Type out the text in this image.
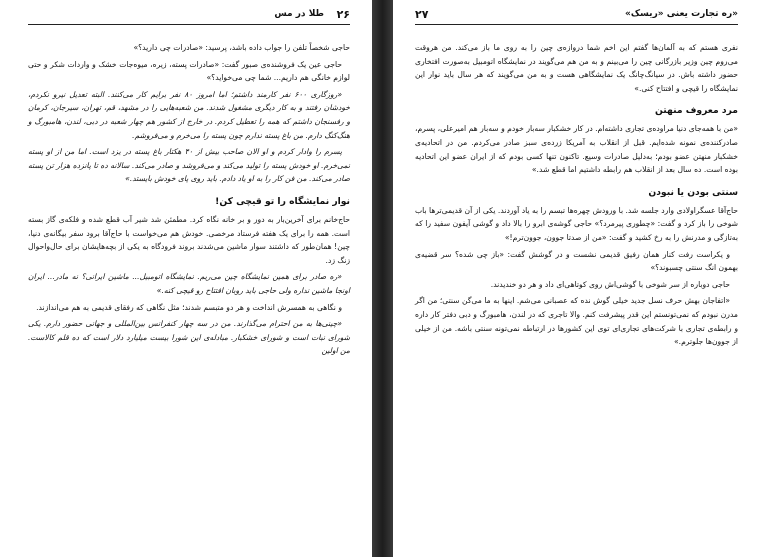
۲۶
طلا در مس

حاجی شخصاً تلفن را جواب داده باشد، پرسید: «صادرات چی دارید؟»

حاجی عین یک فروشنده‌ی صبور گفت: «صادرات پسته، زیره، میوه‌جات خشک و واردات شکر و حتی لوازم خانگی هم داریم... شما چی می‌خواید؟»

«روزگاری ۶۰۰ نفر کارمند داشتم؛ اما امروز ۸۰ نفر برایم کار می‌کنند. البته تعدیل نیرو نکردم، خودشان رفتند و به کار دیگری مشغول شدند. من شعبه‌هایی را در مشهد، قم، تهران، سیرجان، کرمان و رفسنجان داشتم که همه را تعطیل کردم. در خارج از کشور هم چهار شعبه در دبی، لندن، هامبورگ و هنگ‌کنگ دارم. من باغ پسته ندارم چون پسته را می‌خرم و می‌فروشم.

پسرم را وادار کردم و او الان صاحب بیش از ۴۰ هکتار باغ پسته در یزد است. اما من از او پسته نمی‌خرم. او خودش پسته را تولید می‌کند و می‌فروشد و صادر می‌کند. سالانه ده تا پانزده هزار تن پسته صادر می‌کند. من فن کار را به او یاد دادم. باید روی پای خودش بایستد.»

نوار نمایشگاه را تو قیچی کن!

حاج‌خانم برای آخرین‌بار به دور و بر خانه نگاه کرد. مطمئن شد شیر آب قطع شده و فلکه‌ی گاز بسته است. همه را برای یک هفته فرستاد مرخصی. خودش هم می‌خواست با حاج‌آقا برود سفر بیگانه‌ی دنیا، چین! همان‌طور که داشتند سوار ماشین می‌شدند بروند فرودگاه به یکی از بچه‌هایشان برای حال‌واحوال زنگ زد.

«ره صادر برای همین نمایشگاه چین می‌ریم. نمایشگاه اتومبیل... ماشین ایرانی؟ نه مادر... ایران اونجا ماشین نداره ولی حاجی باید روبان افتتاح رو قیچی کنه.»

و نگاهی به همسرش انداخت و هر دو متبسم شدند؛ مثل نگاهی که رفقای قدیمی به هم می‌اندازند.

«چینی‌ها به من احترام می‌گذارند. من در سه چهار کنفرانس بین‌المللی و جهانی حضور دارم. یکی شورای نبات است و شورای خشکبار. مبادله‌ی این شورا بیست میلیارد دلار است که ده قلم کالاست. من اولین

۲۷	«ره تجارت یعنی «ریسک»

نفری هستم که به آلمان‌ها گفتم این اخم شما دروازه‌ی چین را به روی ما باز می‌کند. من هروقت می‌روم چین وزیر بازرگانی چین را می‌بینم و به من هم می‌گویند در نمایشگاه اتومبیل به‌صورت افتخاری حضور داشته باش. در سیانگ‌چانگ یک نمایشگاهی هست و به من می‌گویند که هر سال باید نوار این نمایشگاه را قیچی و افتتاح کنی.»

مرد معروف منهتن

«من با همه‌جای دنیا مراوده‌ی تجاری داشته‌ام. در کار خشکبار سه‌بار خودم و سه‌بار هم امیرعلی، پسرم، صادرکننده‌ی نمونه شده‌ایم. قبل از انقلاب به آمریکا زرده‌ی سبز صادر می‌کردم. من در اتحادیه‌ی خشکبار منهتن عضو بودم؛ به‌دلیل صادرات وسیع. تاکنون تنها کسی بودم که از ایران عضو این اتحادیه بوده است. ده سال بعد از انقلاب هم رابطه داشتیم اما قطع شد.»

سنتی بودن یا نبودن

حاج‌آقا عسگراولادی وارد جلسه شد. با ورودش چهره‌ها تبسم را به یاد آوردند. یکی از آن قدیمی‌ترها باب شوخی را باز کرد و گفت: «چطوری پیرمرد؟» حاجی گوشه‌ی ابرو را بالا داد و گوشی آیفون سفید را که به‌تازگی و مدرنش را به رخ کشید و گفت: «من از صدتا جوون، جوون‌ترم!»

و یکراست رفت کنار همان رفیق قدیمی نشست و در گوشش گفت: «باز چی شده؟ سر قضیه‌ی بهمون انگ سنتی چسبوند؟»

حاجی دوباره از سر شوخی با گوشی‌اش روی کوتاهی‌ای داد و هر دو خندیدند.

«اتفاجان بهش حرف نسل جدید خیلی گوش نده که عصبانی می‌شم. اینها به ما می‌گن سنتی؛ من اگر مدرن نبودم که نمی‌تونستم این قدر پیشرفت کنم. والا تاجری که در لندن، هامبورگ و دبی دفتر کار داره و رابطه‌ی تجاری با شرکت‌های تجاری‌ای توی این کشورها در ارتباطه نمی‌تونه سنتی باشه. من از خیلی از جوون‌ها جلوترم.»
